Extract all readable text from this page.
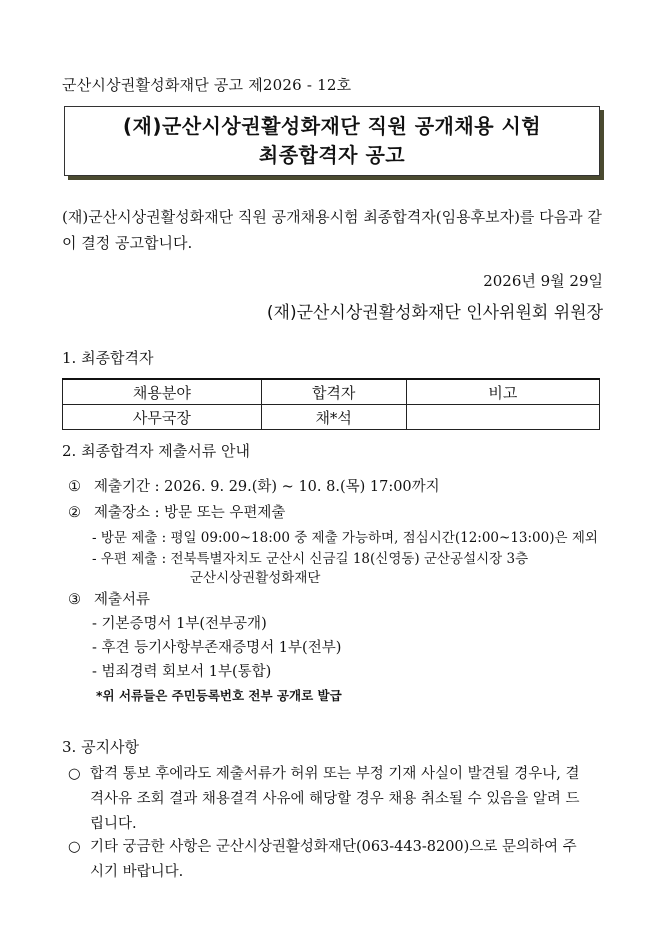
군산시상권활성화재단 공고 제2026 - 12호
(재)군산시상권활성화재단 직원 공개채용 시험
최종합격자 공고
(재)군산시상권활성화재단 직원 공개채용시험 최종합격자(임용후보자)를 다음과 같이 결정 공고합니다.
2026년 9월 29일
(재)군산시상권활성화재단 인사위원회 위원장
1. 최종합격자
채용분야	합격자	비고
사무국장	채*석	
2. 최종합격자 제출서류 안내
① 제출기간 : 2026. 9. 29.(화) ~ 10. 8.(목) 17:00까지
② 제출장소 : 방문 또는 우편제출
- 방문 제출 : 평일 09:00~18:00 중 제출 가능하며, 점심시간(12:00~13:00)은 제외
- 우편 제출 : 전북특별자치도 군산시 신금길 18(신영동) 군산공설시장 3층
군산시상권활성화재단
③ 제출서류
- 기본증명서 1부(전부공개)
- 후견 등기사항부존재증명서 1부(전부)
- 범죄경력 회보서 1부(통합)
*위 서류들은 주민등록번호 전부 공개로 발급
3. 공지사항
○ 합격 통보 후에라도 제출서류가 허위 또는 부정 기재 사실이 발견될 경우나, 결격사유 조회 결과 채용결격 사유에 해당할 경우 채용 취소될 수 있음을 알려 드립니다.
○ 기타 궁금한 사항은 군산시상권활성화재단(063-443-8200)으로 문의하여 주시기 바랍니다.
